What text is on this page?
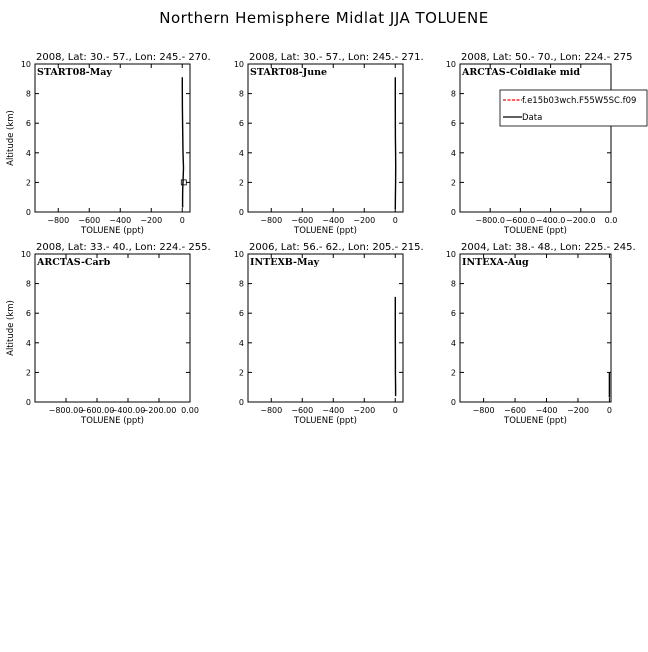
Northern Hemisphere Midlat JJA TOLUENE
2008, Lat: 30.- 57., Lon: 245.- 270.
0
2
4
6
8
10
−800 −600 −400 −200 0
TOLUENE (ppt)
Altitude (km)
START08-May
2008, Lat: 30.- 57., Lon: 245.- 271.
0
2
4
6
8
10
−800 −600 −400 −200 0
TOLUENE (ppt)
START08-June
2008, Lat: 50.- 70., Lon: 224.- 275
0
2
4
6
8
10
−800.0 −600.0 −400.0 −200.0 0.0
TOLUENE (ppt)
ARCTAS-Coldlake mid
f.e15b03wch.F55W5SC.f09
Data
2008, Lat: 33.- 40., Lon: 224.- 255.
0
2
4
6
8
10
−800.00
−600.00
−400.00
−200.00 0.00
TOLUENE (ppt)
Altitude (km)
ARCTAS-Carb
2006, Lat: 56.- 62., Lon: 205.- 215.
0
2
4
6
8
10
−800 −600 −400 −200 0
TOLUENE (ppt)
INTEXB-May
2004, Lat: 38.- 48., Lon: 225.- 245.
0
2
4
6
8
10
−800 −600 −400 −200 0
TOLUENE (ppt)
INTEXA-Aug
